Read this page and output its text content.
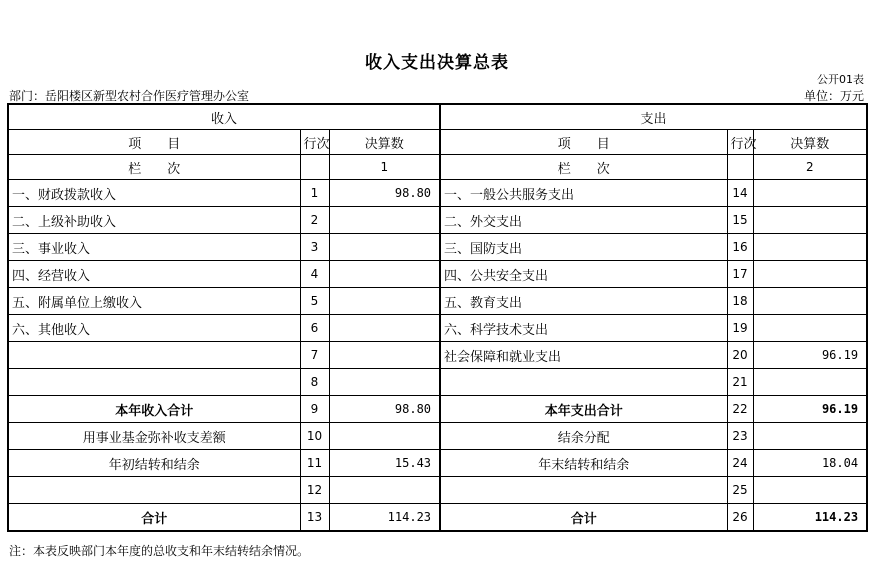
收入支出决算总表
公开01表
部门：岳阳楼区新型农村合作医疗管理办公室	单位：万元
收入			支出		
项　　目	行次	决算数	项　　目	行次	决算数
栏　　次		1	栏　　次		2
一、财政拨款收入	1	98.80	一、一般公共服务支出	14	
二、上级补助收入	2		二、外交支出	15	
三、事业收入	3		三、国防支出	16	
四、经营收入	4		四、公共安全支出	17	
五、附属单位上缴收入	5		五、教育支出	18	
六、其他收入	6		六、科学技术支出	19	
	7		社会保障和就业支出	20	96.19
	8			21	
本年收入合计	9	98.80	本年支出合计	22	96.19
用事业基金弥补收支差额	10		结余分配	23	
年初结转和结余	11	15.43	年末结转和结余	24	18.04
	12			25	
合计	13	114.23	合计	26	114.23
注：本表反映部门本年度的总收支和年末结转结余情况。
